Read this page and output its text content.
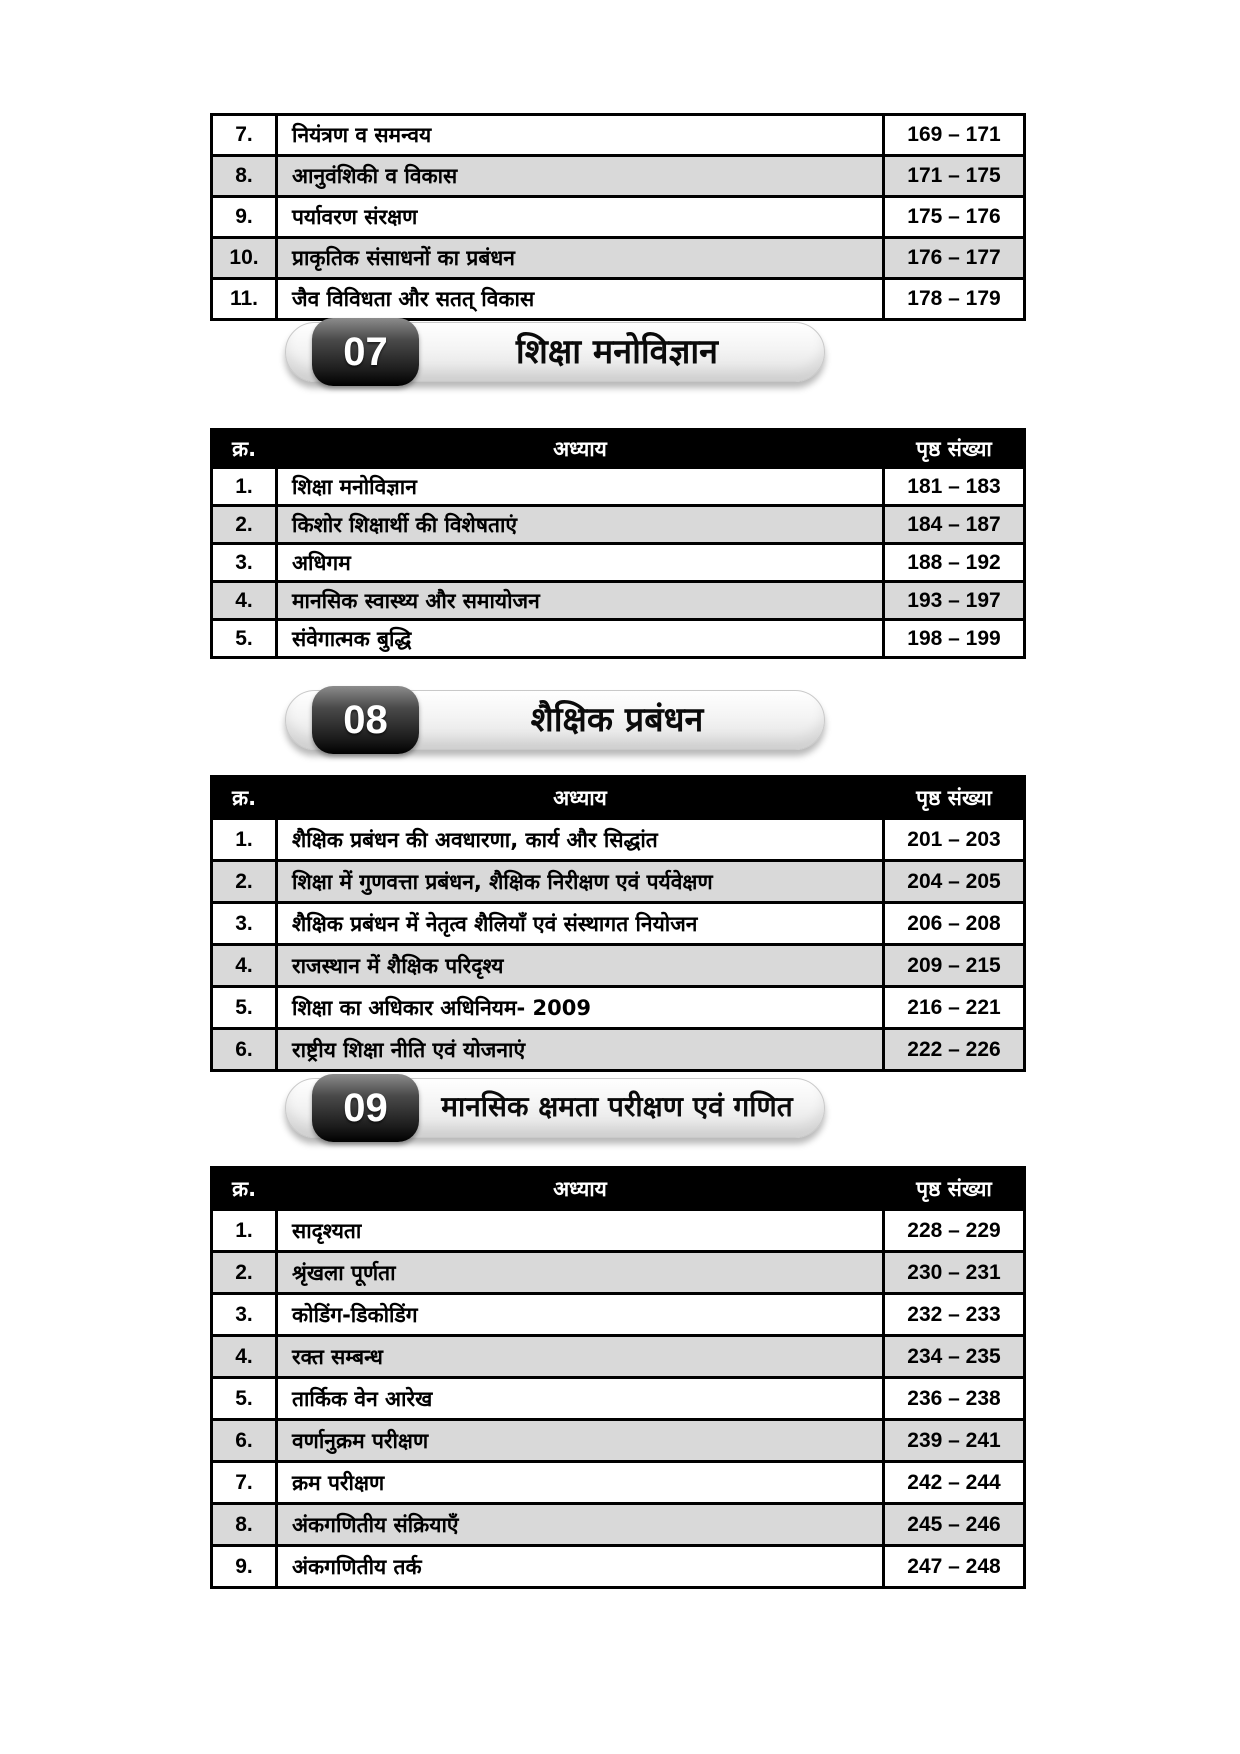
7.	नियंत्रण व समन्वय	169 – 171
8.	आनुवंशिकी व विकास	171 – 175
9.	पर्यावरण संरक्षण	175 – 176
10.	प्राकृतिक संसाधनों का प्रबंधन	176 – 177
11.	जैव विविधता और सतत् विकास	178 – 179
07	शिक्षा मनोविज्ञान
क्र.	अध्याय	पृष्ठ संख्या
1.	शिक्षा मनोविज्ञान	181 – 183
2.	किशोर शिक्षार्थी की विशेषताएं	184 – 187
3.	अधिगम	188 – 192
4.	मानसिक स्वास्थ्य और समायोजन	193 – 197
5.	संवेगात्मक बुद्धि	198 – 199
08	शैक्षिक प्रबंधन
क्र.	अध्याय	पृष्ठ संख्या
1.	शैक्षिक प्रबंधन की अवधारणा, कार्य और सिद्धांत	201 – 203
2.	शिक्षा में गुणवत्ता प्रबंधन, शैक्षिक निरीक्षण एवं पर्यवेक्षण	204 – 205
3.	शैक्षिक प्रबंधन में नेतृत्व शैलियाँ एवं संस्थागत नियोजन	206 – 208
4.	राजस्थान में शैक्षिक परिदृश्य	209 – 215
5.	शिक्षा का अधिकार अधिनियम- 2009	216 – 221
6.	राष्ट्रीय शिक्षा नीति एवं योजनाएं	222 – 226
09	मानसिक क्षमता परीक्षण एवं गणित
क्र.	अध्याय	पृष्ठ संख्या
1.	सादृश्यता	228 – 229
2.	श्रृंखला पूर्णता	230 – 231
3.	कोडिंग-डिकोडिंग	232 – 233
4.	रक्त सम्बन्ध	234 – 235
5.	तार्किक वेन आरेख	236 – 238
6.	वर्णानुक्रम परीक्षण	239 – 241
7.	क्रम परीक्षण	242 – 244
8.	अंकगणितीय संक्रियाएँ	245 – 246
9.	अंकगणितीय तर्क	247 – 248
